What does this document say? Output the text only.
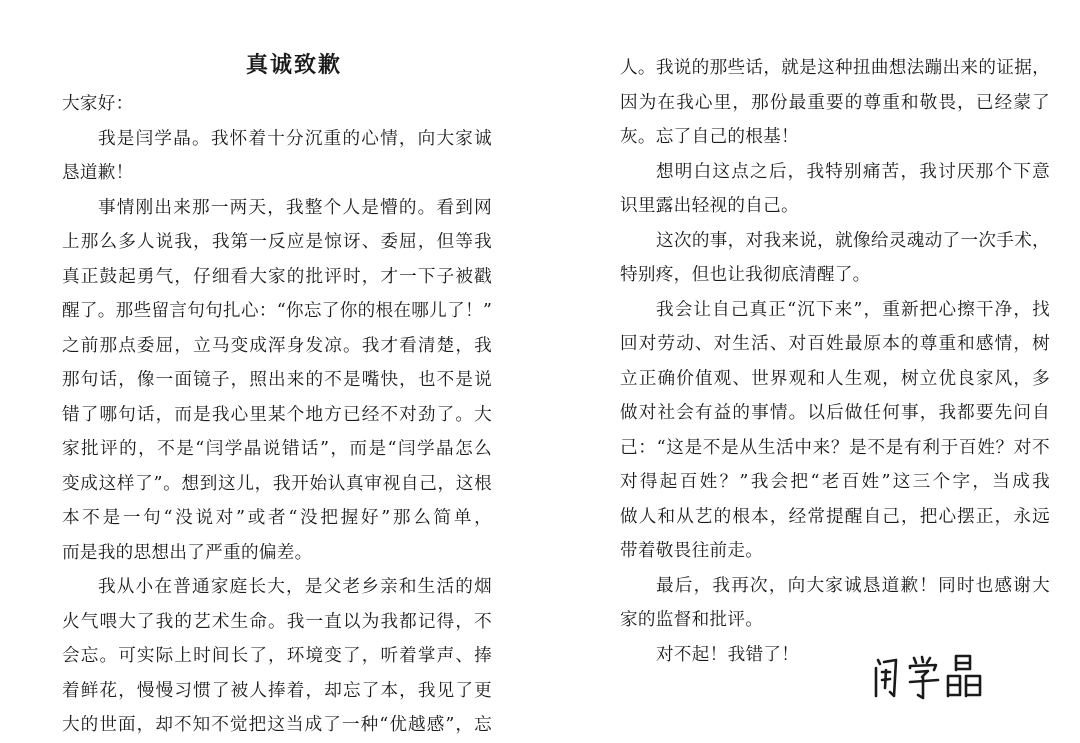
真诚致歉
大家好：
我是闫学晶。我怀着十分沉重的心情，向大家诚
恳道歉！
事情刚出来那一两天，我整个人是懵的。看到网
上那么多人说我，我第一反应是惊讶、委屈，但等我
真正鼓起勇气，仔细看大家的批评时，才一下子被戳
醒了。那些留言句句扎心：“你忘了你的根在哪儿了！”
之前那点委屈，立马变成浑身发凉。我才看清楚，我
那句话，像一面镜子，照出来的不是嘴快，也不是说
错了哪句话，而是我心里某个地方已经不对劲了。大
家批评的，不是“闫学晶说错话”，而是“闫学晶怎么
变成这样了”。想到这儿，我开始认真审视自己，这根
本不是一句“没说对”或者“没把握好”那么简单，
而是我的思想出了严重的偏差。
我从小在普通家庭长大，是父老乡亲和生活的烟
火气喂大了我的艺术生命。我一直以为我都记得，不
会忘。可实际上时间长了，环境变了，听着掌声、捧
着鲜花，慢慢习惯了被人捧着，却忘了本，我见了更
大的世面，却不知不觉把这当成了一种“优越感”，忘
人。我说的那些话，就是这种扭曲想法蹦出来的证据，
因为在我心里，那份最重要的尊重和敬畏，已经蒙了
灰。忘了自己的根基！
想明白这点之后，我特别痛苦，我讨厌那个下意
识里露出轻视的自己。
这次的事，对我来说，就像给灵魂动了一次手术，
特别疼，但也让我彻底清醒了。
我会让自己真正“沉下来”，重新把心擦干净，找
回对劳动、对生活、对百姓最原本的尊重和感情，树
立正确价值观、世界观和人生观，树立优良家风，多
做对社会有益的事情。以后做任何事，我都要先问自
己：“这是不是从生活中来？是不是有利于百姓？对不
对得起百姓？”我会把“老百姓”这三个字，当成我
做人和从艺的根本，经常提醒自己，把心摆正，永远
带着敬畏往前走。
最后，我再次，向大家诚恳道歉！同时也感谢大
家的监督和批评。
对不起！我错了！
